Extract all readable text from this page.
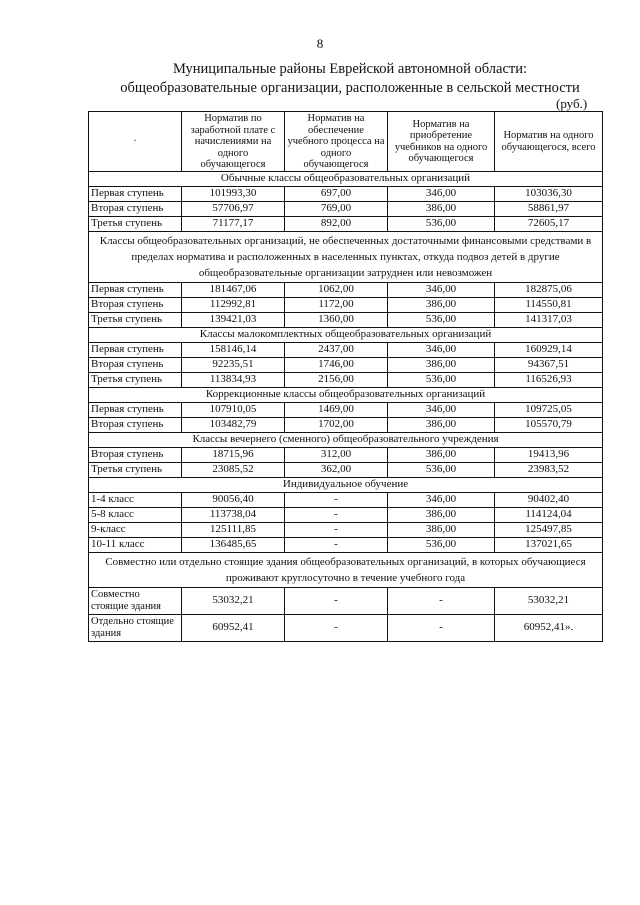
8
Муниципальные районы Еврейской автономной области:
общеобразовательные организации, расположенные в сельской местности
(руб.)
·	Норматив по заработной плате с начислениями на одного обучающегося	Норматив на обеспечение учебного процесса на одного обучающегося	Норматив на приобретение учебников на одного обучающегося	Норматив на одного обучающегося, всего
Обычные классы общеобразовательных организаций				
Первая ступень	101993,30	697,00	346,00	103036,30
Вторая ступень	57706,97	769,00	386,00	58861,97
Третья ступень	71177,17	892,00	536,00	72605,17
Классы общеобразовательных организаций, не обеспеченных достаточными финансовыми средствами в пределах норматива и расположенных в населенных пунктах, откуда подвоз детей в другие общеобразовательные организации затруднен или невозможен				
Первая ступень	181467,06	1062,00	346,00	182875,06
Вторая ступень	112992,81	1172,00	386,00	114550,81
Третья ступень	139421,03	1360,00	536,00	141317,03
Классы малокомплектных общеобразовательных организаций				
Первая ступень	158146,14	2437,00	346,00	160929,14
Вторая ступень	92235,51	1746,00	386,00	94367,51
Третья ступень	113834,93	2156,00	536,00	116526,93
Коррекционные классы общеобразовательных организаций				
Первая ступень	107910,05	1469,00	346,00	109725,05
Вторая ступень	103482,79	1702,00	386,00	105570,79
Классы вечернего (сменного) общеобразовательного учреждения				
Вторая ступень	18715,96	312,00	386,00	19413,96
Третья ступень	23085,52	362,00	536,00	23983,52
Индивидуальное обучение				
1-4 класс	90056,40	-	346,00	90402,40
5-8 класс	113738,04	-	386,00	114124,04
9-класс	125111,85	-	386,00	125497,85
10-11 класс	136485,65	-	536,00	137021,65
Совместно или отдельно стоящие здания общеобразовательных организаций, в которых обучающиеся проживают круглосуточно в течение учебного года				
Совместно стоящие здания	53032,21	-	-	53032,21
Отдельно стоящие здания	60952,41	-	-	60952,41».
